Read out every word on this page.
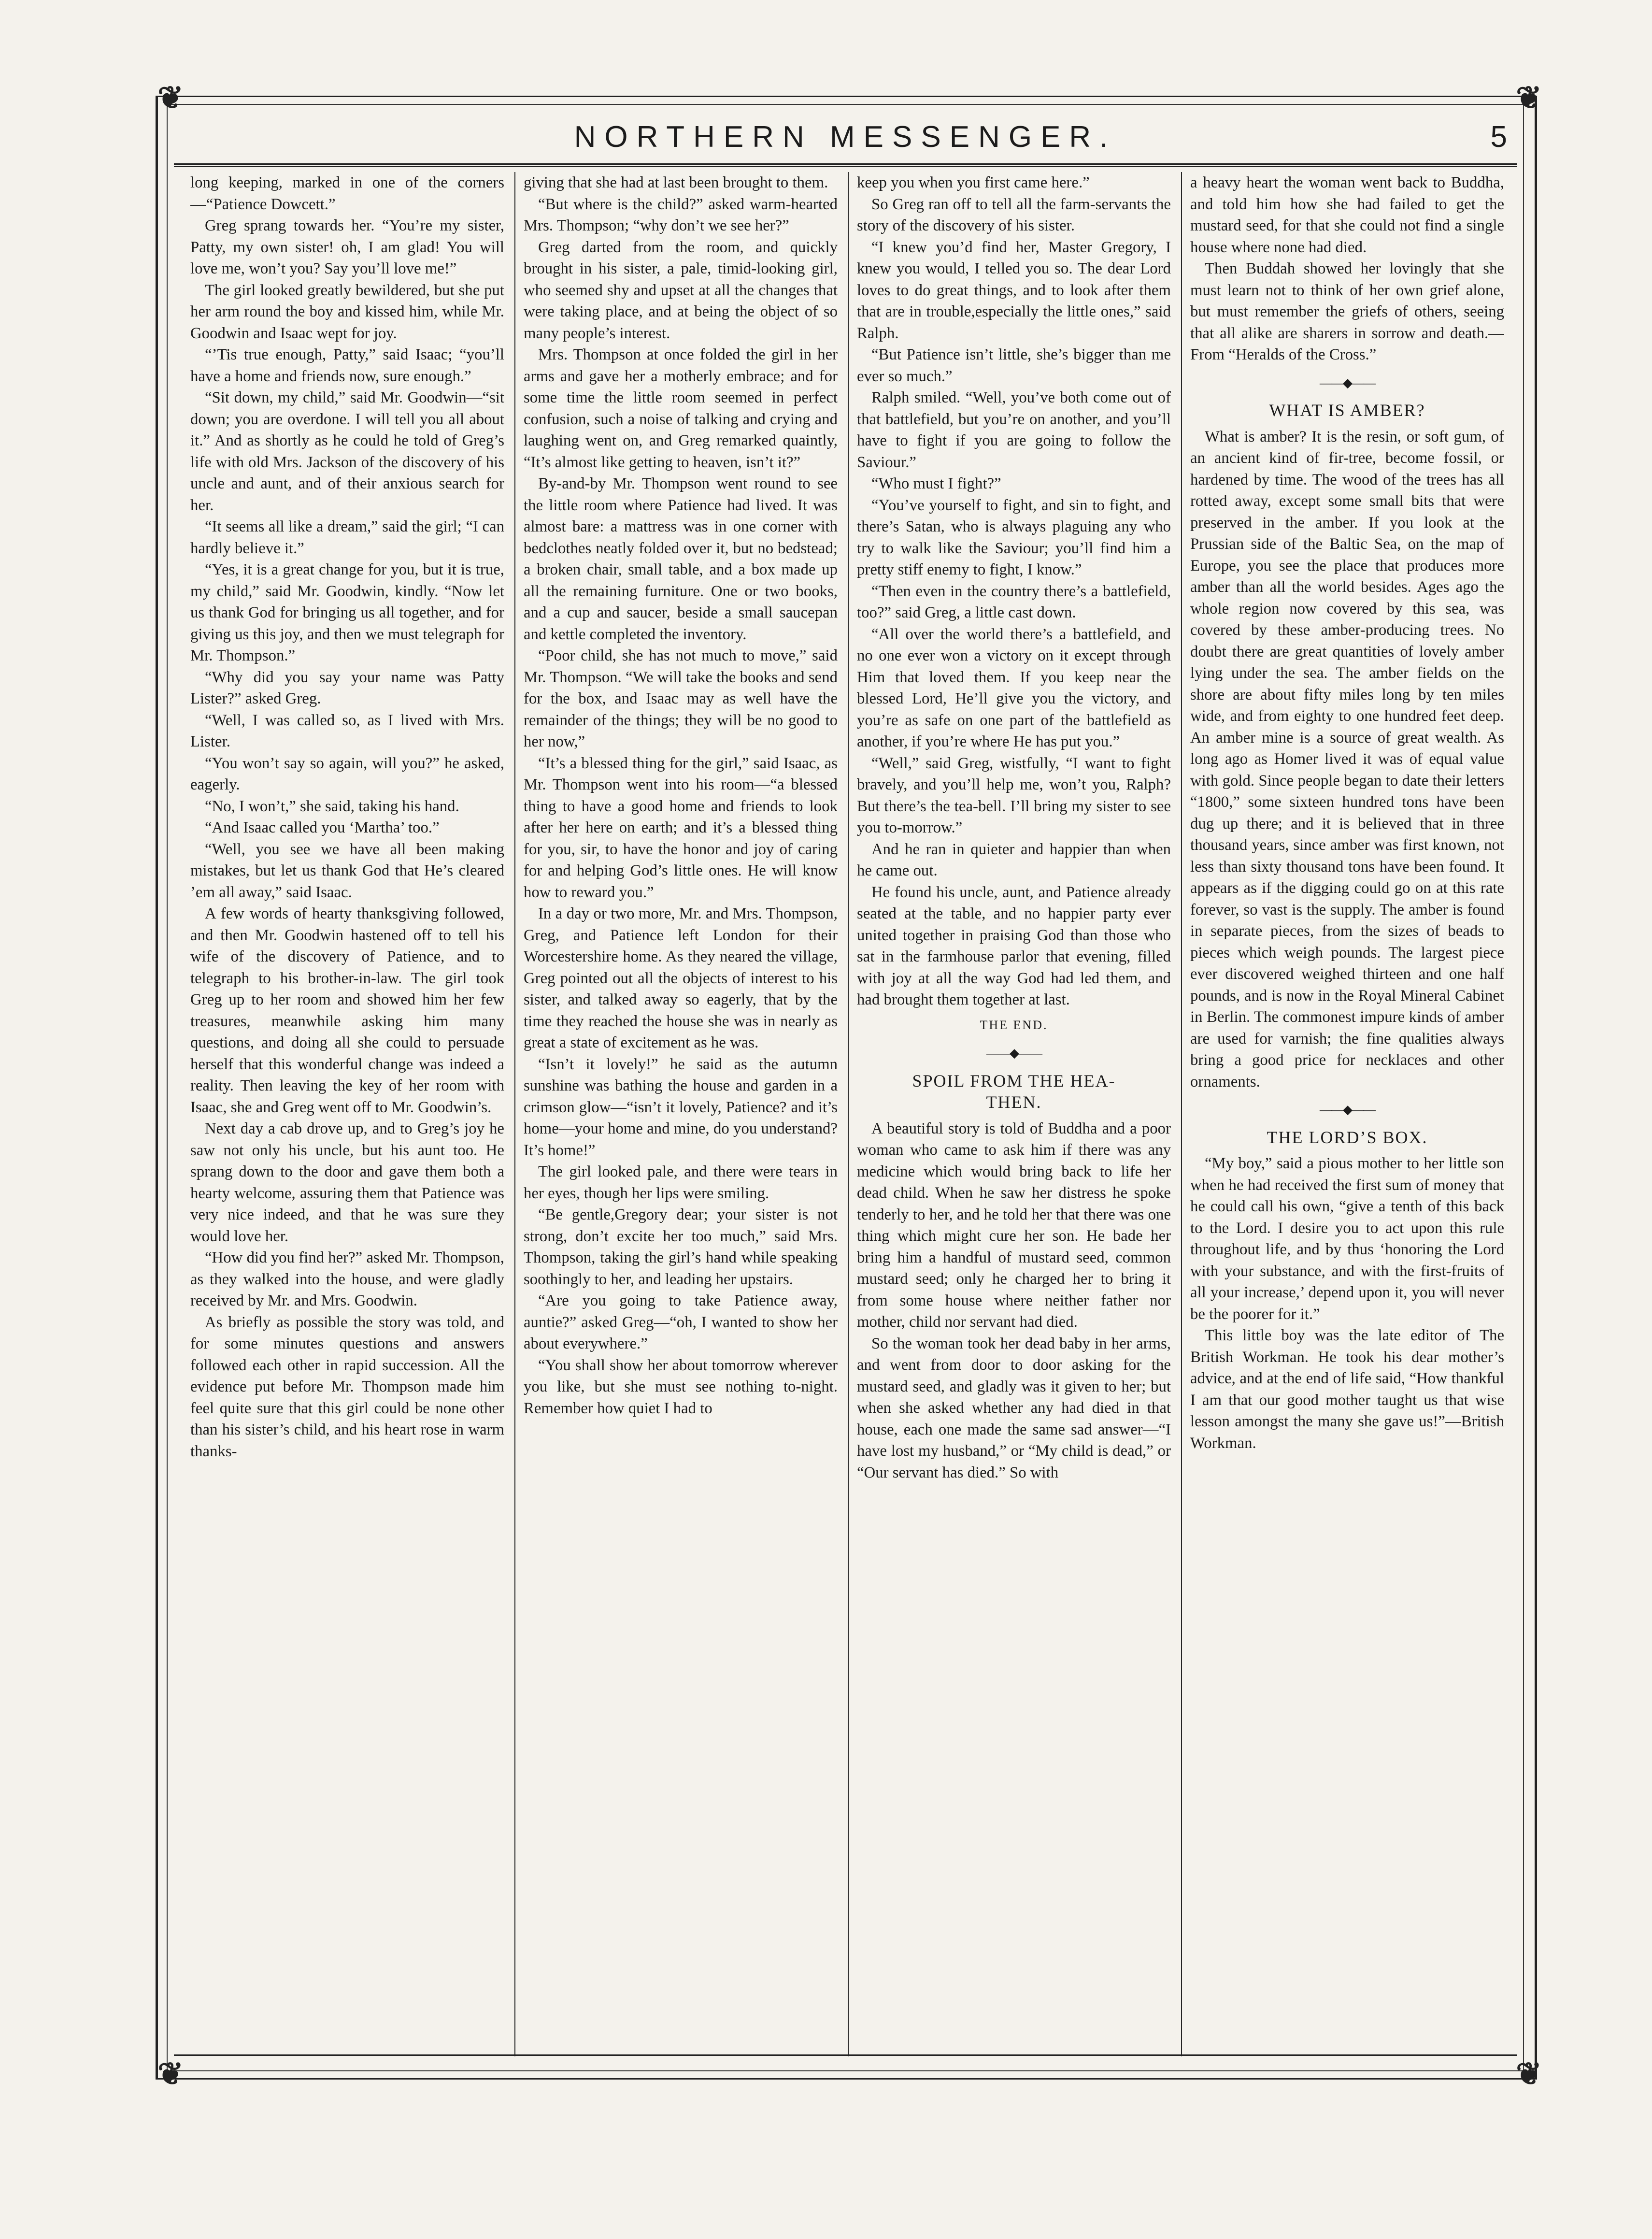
❦	❦
❦	❦
NORTHERN MESSENGER.	5

long keeping, marked in one of the corners—“Patience Dowcett.”

Greg sprang towards her. “You’re my sister, Patty, my own sister! oh, I am glad! You will love me, won’t you? Say you’ll love me!”

The girl looked greatly bewildered, but she put her arm round the boy and kissed him, while Mr. Goodwin and Isaac wept for joy.

“’Tis true enough, Patty,” said Isaac; “you’ll have a home and friends now, sure enough.”

“Sit down, my child,” said Mr. Goodwin—“sit down; you are overdone. I will tell you all about it.” And as shortly as he could he told of Greg’s life with old Mrs. Jackson of the discovery of his uncle and aunt, and of their anxious search for her.

“It seems all like a dream,” said the girl; “I can hardly believe it.”

“Yes, it is a great change for you, but it is true, my child,” said Mr. Goodwin, kindly. “Now let us thank God for bringing us all together, and for giving us this joy, and then we must telegraph for Mr. Thompson.”

“Why did you say your name was Patty Lister?” asked Greg.

“Well, I was called so, as I lived with Mrs. Lister.

“You won’t say so again, will you?” he asked, eagerly.

“No, I won’t,” she said, taking his hand.

“And Isaac called you ‘Martha’ too.”

“Well, you see we have all been making mistakes, but let us thank God that He’s cleared ’em all away,” said Isaac.

A few words of hearty thanksgiving followed, and then Mr. Goodwin hastened off to tell his wife of the discovery of Patience, and to telegraph to his brother-in-law. The girl took Greg up to her room and showed him her few treasures, meanwhile asking him many questions, and doing all she could to persuade herself that this wonderful change was indeed a reality. Then leaving the key of her room with Isaac, she and Greg went off to Mr. Goodwin’s.

Next day a cab drove up, and to Greg’s joy he saw not only his uncle, but his aunt too. He sprang down to the door and gave them both a hearty welcome, assuring them that Patience was very nice indeed, and that he was sure they would love her.

“How did you find her?” asked Mr. Thompson, as they walked into the house, and were gladly received by Mr. and Mrs. Goodwin.

As briefly as possible the story was told, and for some minutes questions and answers followed each other in rapid succession. All the evidence put before Mr. Thompson made him feel quite sure that this girl could be none other than his sister’s child, and his heart rose in warm thanks-

giving that she had at last been brought to them.

“But where is the child?” asked warm-hearted Mrs. Thompson; “why don’t we see her?”

Greg darted from the room, and quickly brought in his sister, a pale, timid-looking girl, who seemed shy and upset at all the changes that were taking place, and at being the object of so many people’s interest.

Mrs. Thompson at once folded the girl in her arms and gave her a motherly embrace; and for some time the little room seemed in perfect confusion, such a noise of talking and crying and laughing went on, and Greg remarked quaintly, “It’s almost like getting to heaven, isn’t it?”

By-and-by Mr. Thompson went round to see the little room where Patience had lived. It was almost bare: a mattress was in one corner with bedclothes neatly folded over it, but no bedstead; a broken chair, small table, and a box made up all the remaining furniture. One or two books, and a cup and saucer, beside a small saucepan and kettle completed the inventory.

“Poor child, she has not much to move,” said Mr. Thompson. “We will take the books and send for the box, and Isaac may as well have the remainder of the things; they will be no good to her now,”

“It’s a blessed thing for the girl,” said Isaac, as Mr. Thompson went into his room—“a blessed thing to have a good home and friends to look after her here on earth; and it’s a blessed thing for you, sir, to have the honor and joy of caring for and helping God’s little ones. He will know how to reward you.”

In a day or two more, Mr. and Mrs. Thompson, Greg, and Patience left London for their Worcestershire home. As they neared the village, Greg pointed out all the objects of interest to his sister, and talked away so eagerly, that by the time they reached the house she was in nearly as great a state of excitement as he was.

“Isn’t it lovely!” he said as the autumn sunshine was bathing the house and garden in a crimson glow—“isn’t it lovely, Patience? and it’s home—your home and mine, do you understand? It’s home!”

The girl looked pale, and there were tears in her eyes, though her lips were smiling.

“Be gentle,Gregory dear; your sister is not strong, don’t excite her too much,” said Mrs. Thompson, taking the girl’s hand while speaking soothingly to her, and leading her upstairs.

“Are you going to take Patience away, auntie?” asked Greg—“oh, I wanted to show her about everywhere.”

“You shall show her about tomorrow wherever you like, but she must see nothing to-night. Remember how quiet I had to

keep you when you first came here.”

So Greg ran off to tell all the farm-servants the story of the discovery of his sister.

“I knew you’d find her, Master Gregory, I knew you would, I telled you so. The dear Lord loves to do great things, and to look after them that are in trouble,especially the little ones,” said Ralph.

“But Patience isn’t little, she’s bigger than me ever so much.”

Ralph smiled. “Well, you’ve both come out of that battlefield, but you’re on another, and you’ll have to fight if you are going to follow the Saviour.”

“Who must I fight?”

“You’ve yourself to fight, and sin to fight, and there’s Satan, who is always plaguing any who try to walk like the Saviour; you’ll find him a pretty stiff enemy to fight, I know.”

“Then even in the country there’s a battlefield, too?” said Greg, a little cast down.

“All over the world there’s a battlefield, and no one ever won a victory on it except through Him that loved them. If you keep near the blessed Lord, He’ll give you the victory, and you’re as safe on one part of the battlefield as another, if you’re where He has put you.”

“Well,” said Greg, wistfully, “I want to fight bravely, and you’ll help me, won’t you, Ralph? But there’s the tea-bell. I’ll bring my sister to see you to-morrow.”

And he ran in quieter and happier than when he came out.

He found his uncle, aunt, and Patience already seated at the table, and no happier party ever united together in praising God than those who sat in the farmhouse parlor that evening, filled with joy at all the way God had led them, and had brought them together at last.

THE END.
——◆——
SPOIL FROM THE HEA-
THEN.

A beautiful story is told of Buddha and a poor woman who came to ask him if there was any medicine which would bring back to life her dead child. When he saw her distress he spoke tenderly to her, and he told her that there was one thing which might cure her son. He bade her bring him a handful of mustard seed, common mustard seed; only he charged her to bring it from some house where neither father nor mother, child nor servant had died.

So the woman took her dead baby in her arms, and went from door to door asking for the mustard seed, and gladly was it given to her; but when she asked whether any had died in that house, each one made the same sad answer—“I have lost my husband,” or “My child is dead,” or “Our servant has died.” So with

a heavy heart the woman went back to Buddha, and told him how she had failed to get the mustard seed, for that she could not find a single house where none had died.

Then Buddah showed her lovingly that she must learn not to think of her own grief alone, but must remember the griefs of others, seeing that all alike are sharers in sorrow and death.—From “Heralds of the Cross.”

——◆——
WHAT IS AMBER?

What is amber? It is the resin, or soft gum, of an ancient kind of fir-tree, become fossil, or hardened by time. The wood of the trees has all rotted away, except some small bits that were preserved in the amber. If you look at the Prussian side of the Baltic Sea, on the map of Europe, you see the place that produces more amber than all the world besides. Ages ago the whole region now covered by this sea, was covered by these amber-producing trees. No doubt there are great quantities of lovely amber lying under the sea. The amber fields on the shore are about fifty miles long by ten miles wide, and from eighty to one hundred feet deep. An amber mine is a source of great wealth. As long ago as Homer lived it was of equal value with gold. Since people began to date their letters “1800,” some sixteen hundred tons have been dug up there; and it is believed that in three thousand years, since amber was first known, not less than sixty thousand tons have been found. It appears as if the digging could go on at this rate forever, so vast is the supply. The amber is found in separate pieces, from the sizes of beads to pieces which weigh pounds. The largest piece ever discovered weighed thirteen and one half pounds, and is now in the Royal Mineral Cabinet in Berlin. The commonest impure kinds of amber are used for varnish; the fine qualities always bring a good price for necklaces and other ornaments.

——◆——
THE LORD’S BOX.

“My boy,” said a pious mother to her little son when he had received the first sum of money that he could call his own, “give a tenth of this back to the Lord. I desire you to act upon this rule throughout life, and by thus ‘honoring the Lord with your substance, and with the first-fruits of all your increase,’ depend upon it, you will never be the poorer for it.”

This little boy was the late editor of The British Workman. He took his dear mother’s advice, and at the end of life said, “How thankful I am that our good mother taught us that wise lesson amongst the many she gave us!”—British Workman.
